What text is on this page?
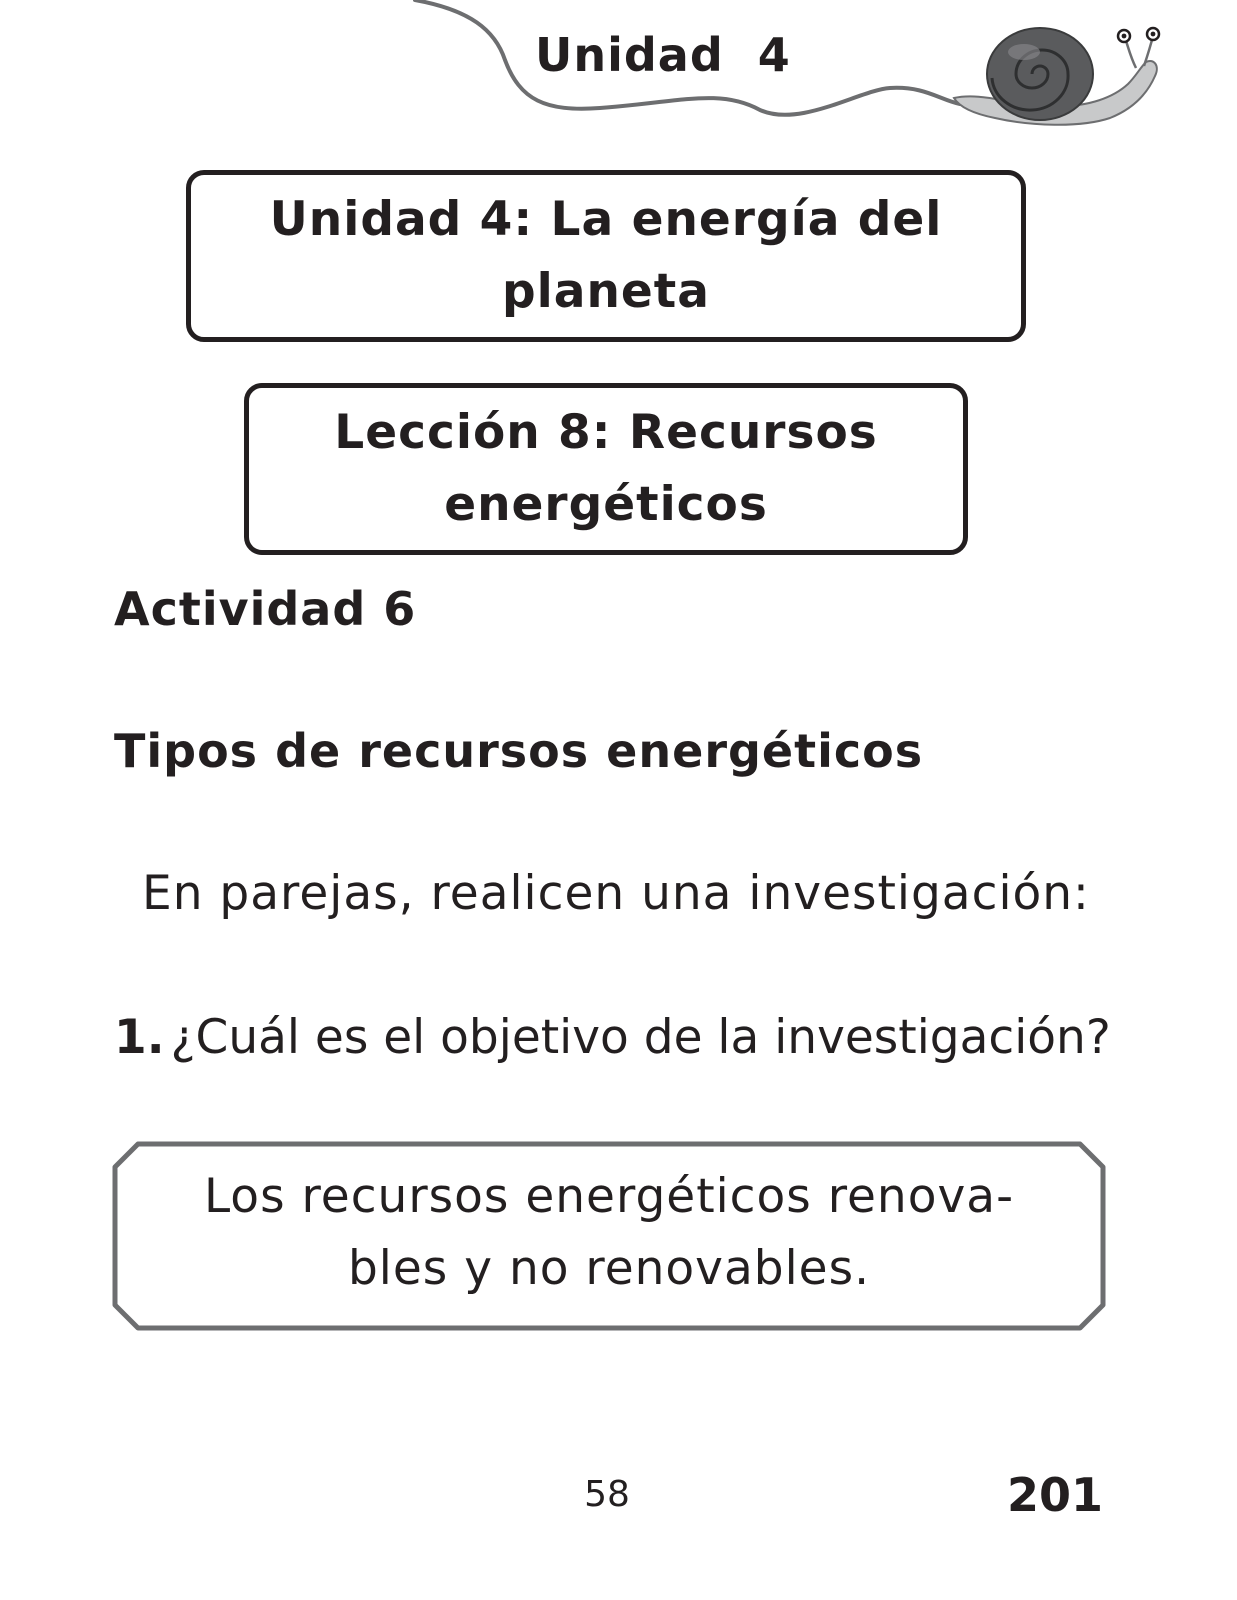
Unidad  4
Unidad 4: La energía del planeta
Lección 8: Recursos energéticos
Actividad 6
Tipos de recursos energéticos
En parejas, realicen una investigación:
1. ¿Cuál es el objetivo de la investigación?
Los recursos energéticos renova-
bles y no renovables.
58	201
